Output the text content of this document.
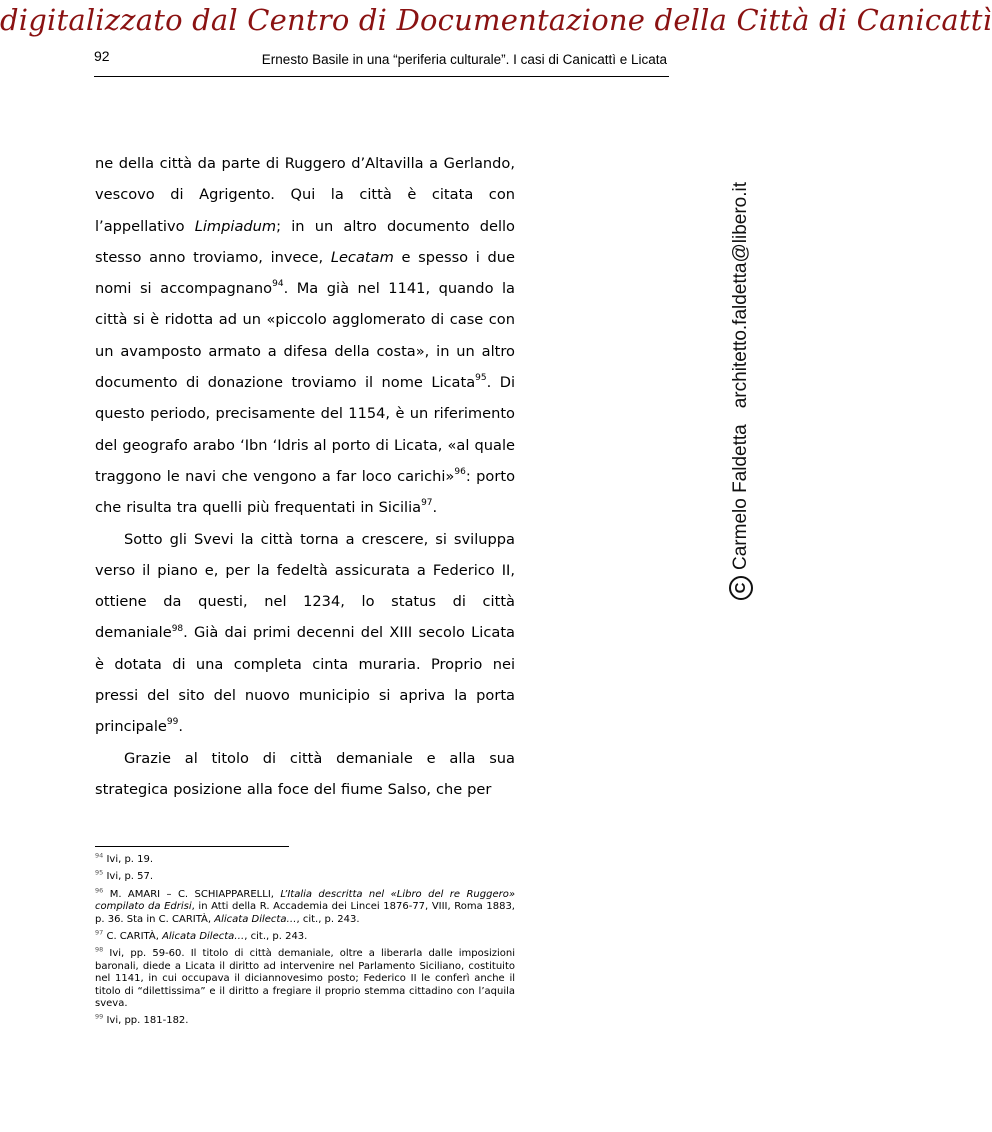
digitalizzato dal Centro di Documentazione della Città di Canicattì
92	Ernesto Basile in una “periferia culturale”. I casi di Canicattì e Licata

ne della città da parte di Ruggero d’Altavilla a Gerlando, vescovo di Agrigento. Qui la città è citata con l’appellativo Limpiadum; in un altro documento dello stesso anno troviamo, invece, Lecatam e spesso i due nomi si accompagnano$^{94}$. Ma già nel 1141, quando la città si è ridotta ad un «piccolo agglomerato di case con un avamposto armato a difesa della costa», in un altro documento di donazione troviamo il nome Licata$^{95}$. Di questo periodo, precisamente del 1154, è un riferimento del geografo arabo ‘Ibn ‘Idris al porto di Licata, «al quale traggono le navi che vengono a far loco carichi»$^{96}$: porto che risulta tra quelli più frequentati in Sicilia$^{97}$.

Sotto gli Svevi la città torna a crescere, si sviluppa verso il piano e, per la fedeltà assicurata a Federico II, ottiene da questi, nel 1234, lo status di città demaniale$^{98}$. Già dai primi decenni del XIII secolo Licata è dotata di una completa cinta muraria. Proprio nei pressi del sito del nuovo municipio si apriva la porta principale$^{99}$.

Grazie al titolo di città demaniale e alla sua strategica posizione alla foce del fiume Salso, che per

$^{94}$ Ivi, p. 19.

$^{95}$ Ivi, p. 57.

$^{96}$ M. AMARI – C. SCHIAPPARELLI, L’Italia descritta nel «Libro del re Ruggero» compilato da Edrisi, in Atti della R. Accademia dei Lincei 1876-77, VIII, Roma 1883, p. 36. Sta in C. CARITÀ, Alicata Dilecta…, cit., p. 243.

$^{97}$ C. CARITÀ, Alicata Dilecta…, cit., p. 243.

$^{98}$ Ivi, pp. 59-60. Il titolo di città demaniale, oltre a liberarla dalle imposizioni baronali, diede a Licata il diritto ad intervenire nel Parlamento Siciliano, costituito nel 1141, in cui occupava il diciannovesimo posto; Federico II le conferì anche il titolo di “dilettissima” e il diritto a fregiare il proprio stemma cittadino con l’aquila sveva.

$^{99}$ Ivi, pp. 181-182.

C
Carmelo Faldetta
architetto.faldetta@libero.it
